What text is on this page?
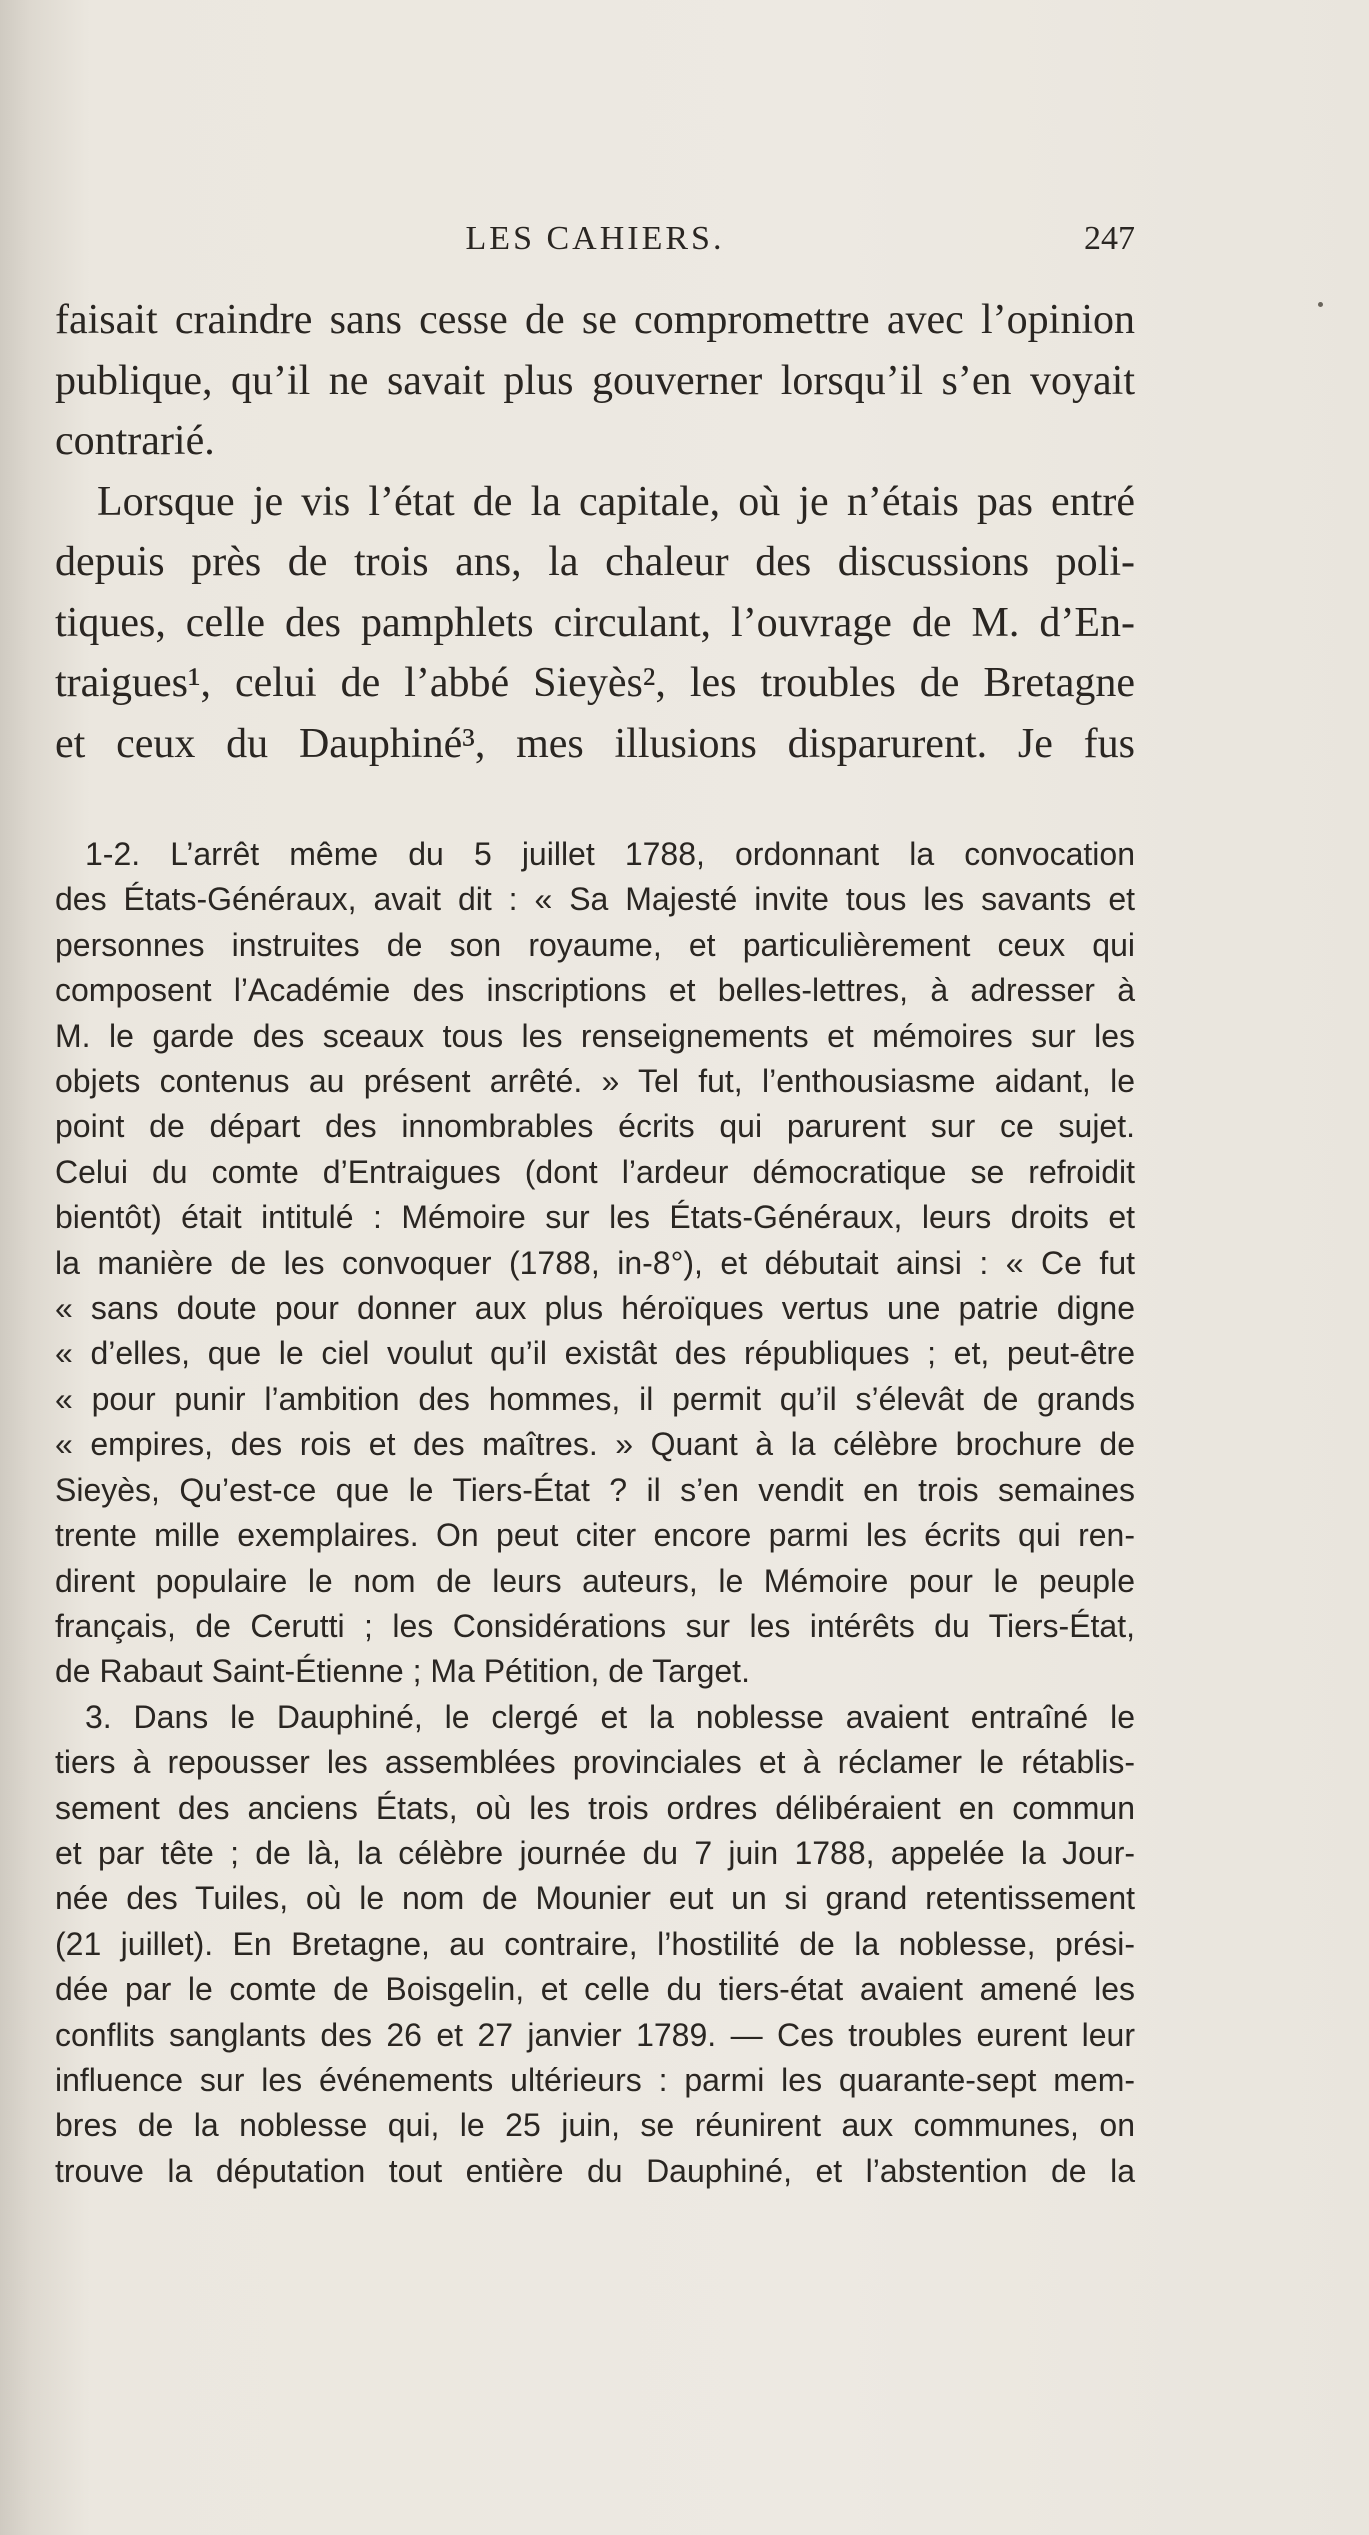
LES CAHIERS.	247
faisait craindre sans cesse de se compromettre avec l’opinion
publique, qu’il ne savait plus gouverner lorsqu’il s’en voyait
contrarié.
Lorsque je vis l’état de la capitale, où je n’étais pas entré
depuis près de trois ans, la chaleur des discussions poli-
tiques, celle des pamphlets circulant, l’ouvrage de M. d’En-
traigues¹, celui de l’abbé Sieyès², les troubles de Bretagne
et ceux du Dauphiné³, mes illusions disparurent. Je fus
1-2. L’arrêt même du 5 juillet 1788, ordonnant la convocation
des États-Généraux, avait dit : « Sa Majesté invite tous les savants et
personnes instruites de son royaume, et particulièrement ceux qui
composent l’Académie des inscriptions et belles-lettres, à adresser à
M. le garde des sceaux tous les renseignements et mémoires sur les
objets contenus au présent arrêté. » Tel fut, l’enthousiasme aidant, le
point de départ des innombrables écrits qui parurent sur ce sujet.
Celui du comte d’Entraigues (dont l’ardeur démocratique se refroidit
bientôt) était intitulé : Mémoire sur les États-Généraux, leurs droits et
la manière de les convoquer (1788, in-8°), et débutait ainsi : « Ce fut
« sans doute pour donner aux plus héroïques vertus une patrie digne
« d’elles, que le ciel voulut qu’il existât des républiques ; et, peut-être
« pour punir l’ambition des hommes, il permit qu’il s’élevât de grands
« empires, des rois et des maîtres. » Quant à la célèbre brochure de
Sieyès, Qu’est-ce que le Tiers-État ? il s’en vendit en trois semaines
trente mille exemplaires. On peut citer encore parmi les écrits qui ren-
dirent populaire le nom de leurs auteurs, le Mémoire pour le peuple
français, de Cerutti ; les Considérations sur les intérêts du Tiers-État,
de Rabaut Saint-Étienne ; Ma Pétition, de Target.
3. Dans le Dauphiné, le clergé et la noblesse avaient entraîné le
tiers à repousser les assemblées provinciales et à réclamer le rétablis-
sement des anciens États, où les trois ordres délibéraient en commun
et par tête ; de là, la célèbre journée du 7 juin 1788, appelée la Jour-
née des Tuiles, où le nom de Mounier eut un si grand retentissement
(21 juillet). En Bretagne, au contraire, l’hostilité de la noblesse, prési-
dée par le comte de Boisgelin, et celle du tiers-état avaient amené les
conflits sanglants des 26 et 27 janvier 1789. — Ces troubles eurent leur
influence sur les événements ultérieurs : parmi les quarante-sept mem-
bres de la noblesse qui, le 25 juin, se réunirent aux communes, on
trouve la députation tout entière du Dauphiné, et l’abstention de la
